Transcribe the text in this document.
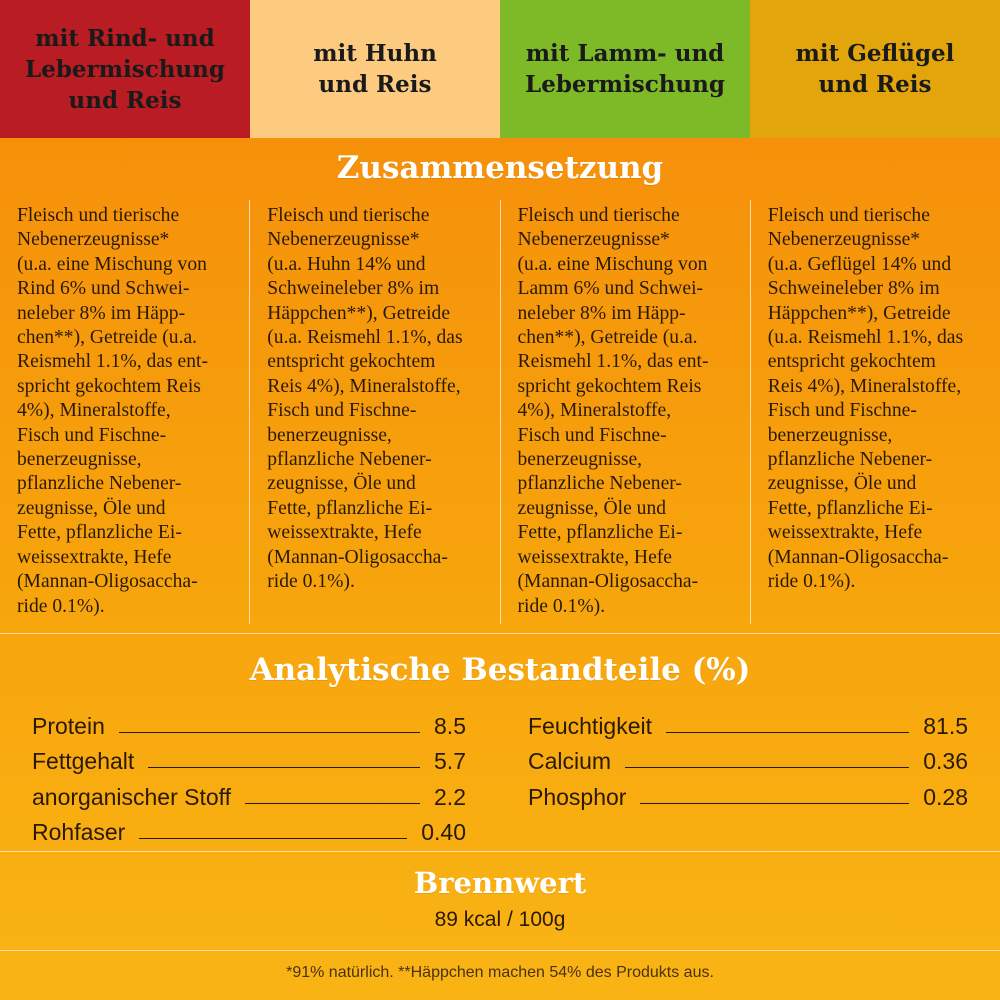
mit Rind- und
Lebermischung
und Reis
mit Huhn
und Reis
mit Lamm- und
Lebermischung
mit Geflügel
und Reis
Zusammensetzung
Fleisch und tierische
Nebenerzeugnisse*
(u.a. eine Mischung von
Rind 6% und Schwei-
neleber 8% im Häpp-
chen**), Getreide (u.a.
Reismehl 1.1%, das ent-
spricht gekochtem Reis
4%), Mineralstoffe,
Fisch und Fischne-
benerzeugnisse,
pflanzliche Nebener-
zeugnisse, Öle und
Fette, pflanzliche Ei-
weissextrakte, Hefe
(Mannan-Oligosaccha-
ride 0.1%).
Fleisch und tierische
Nebenerzeugnisse*
(u.a. Huhn 14% und
Schweineleber 8% im
Häppchen**), Getreide
(u.a. Reismehl 1.1%, das
entspricht gekochtem
Reis 4%), Mineralstoffe,
Fisch und Fischne-
benerzeugnisse,
pflanzliche Nebener-
zeugnisse, Öle und
Fette, pflanzliche Ei-
weissextrakte, Hefe
(Mannan-Oligosaccha-
ride 0.1%).
Fleisch und tierische
Nebenerzeugnisse*
(u.a. eine Mischung von
Lamm 6% und Schwei-
neleber 8% im Häpp-
chen**), Getreide (u.a.
Reismehl 1.1%, das ent-
spricht gekochtem Reis
4%), Mineralstoffe,
Fisch und Fischne-
benerzeugnisse,
pflanzliche Nebener-
zeugnisse, Öle und
Fette, pflanzliche Ei-
weissextrakte, Hefe
(Mannan-Oligosaccha-
ride 0.1%).
Fleisch und tierische
Nebenerzeugnisse*
(u.a. Geflügel 14% und
Schweineleber 8% im
Häppchen**), Getreide
(u.a. Reismehl 1.1%, das
entspricht gekochtem
Reis 4%), Mineralstoffe,
Fisch und Fischne-
benerzeugnisse,
pflanzliche Nebener-
zeugnisse, Öle und
Fette, pflanzliche Ei-
weissextrakte, Hefe
(Mannan-Oligosaccha-
ride 0.1%).
Analytische Bestandteile (%)
Protein	8.5
Fettgehalt	5.7
anorganischer Stoff	2.2
Rohfaser	0.40
Feuchtigkeit	81.5
Calcium	0.36
Phosphor	0.28
Brennwert
89 kcal / 100g
*91% natürlich. **Häppchen machen 54% des Produkts aus.
